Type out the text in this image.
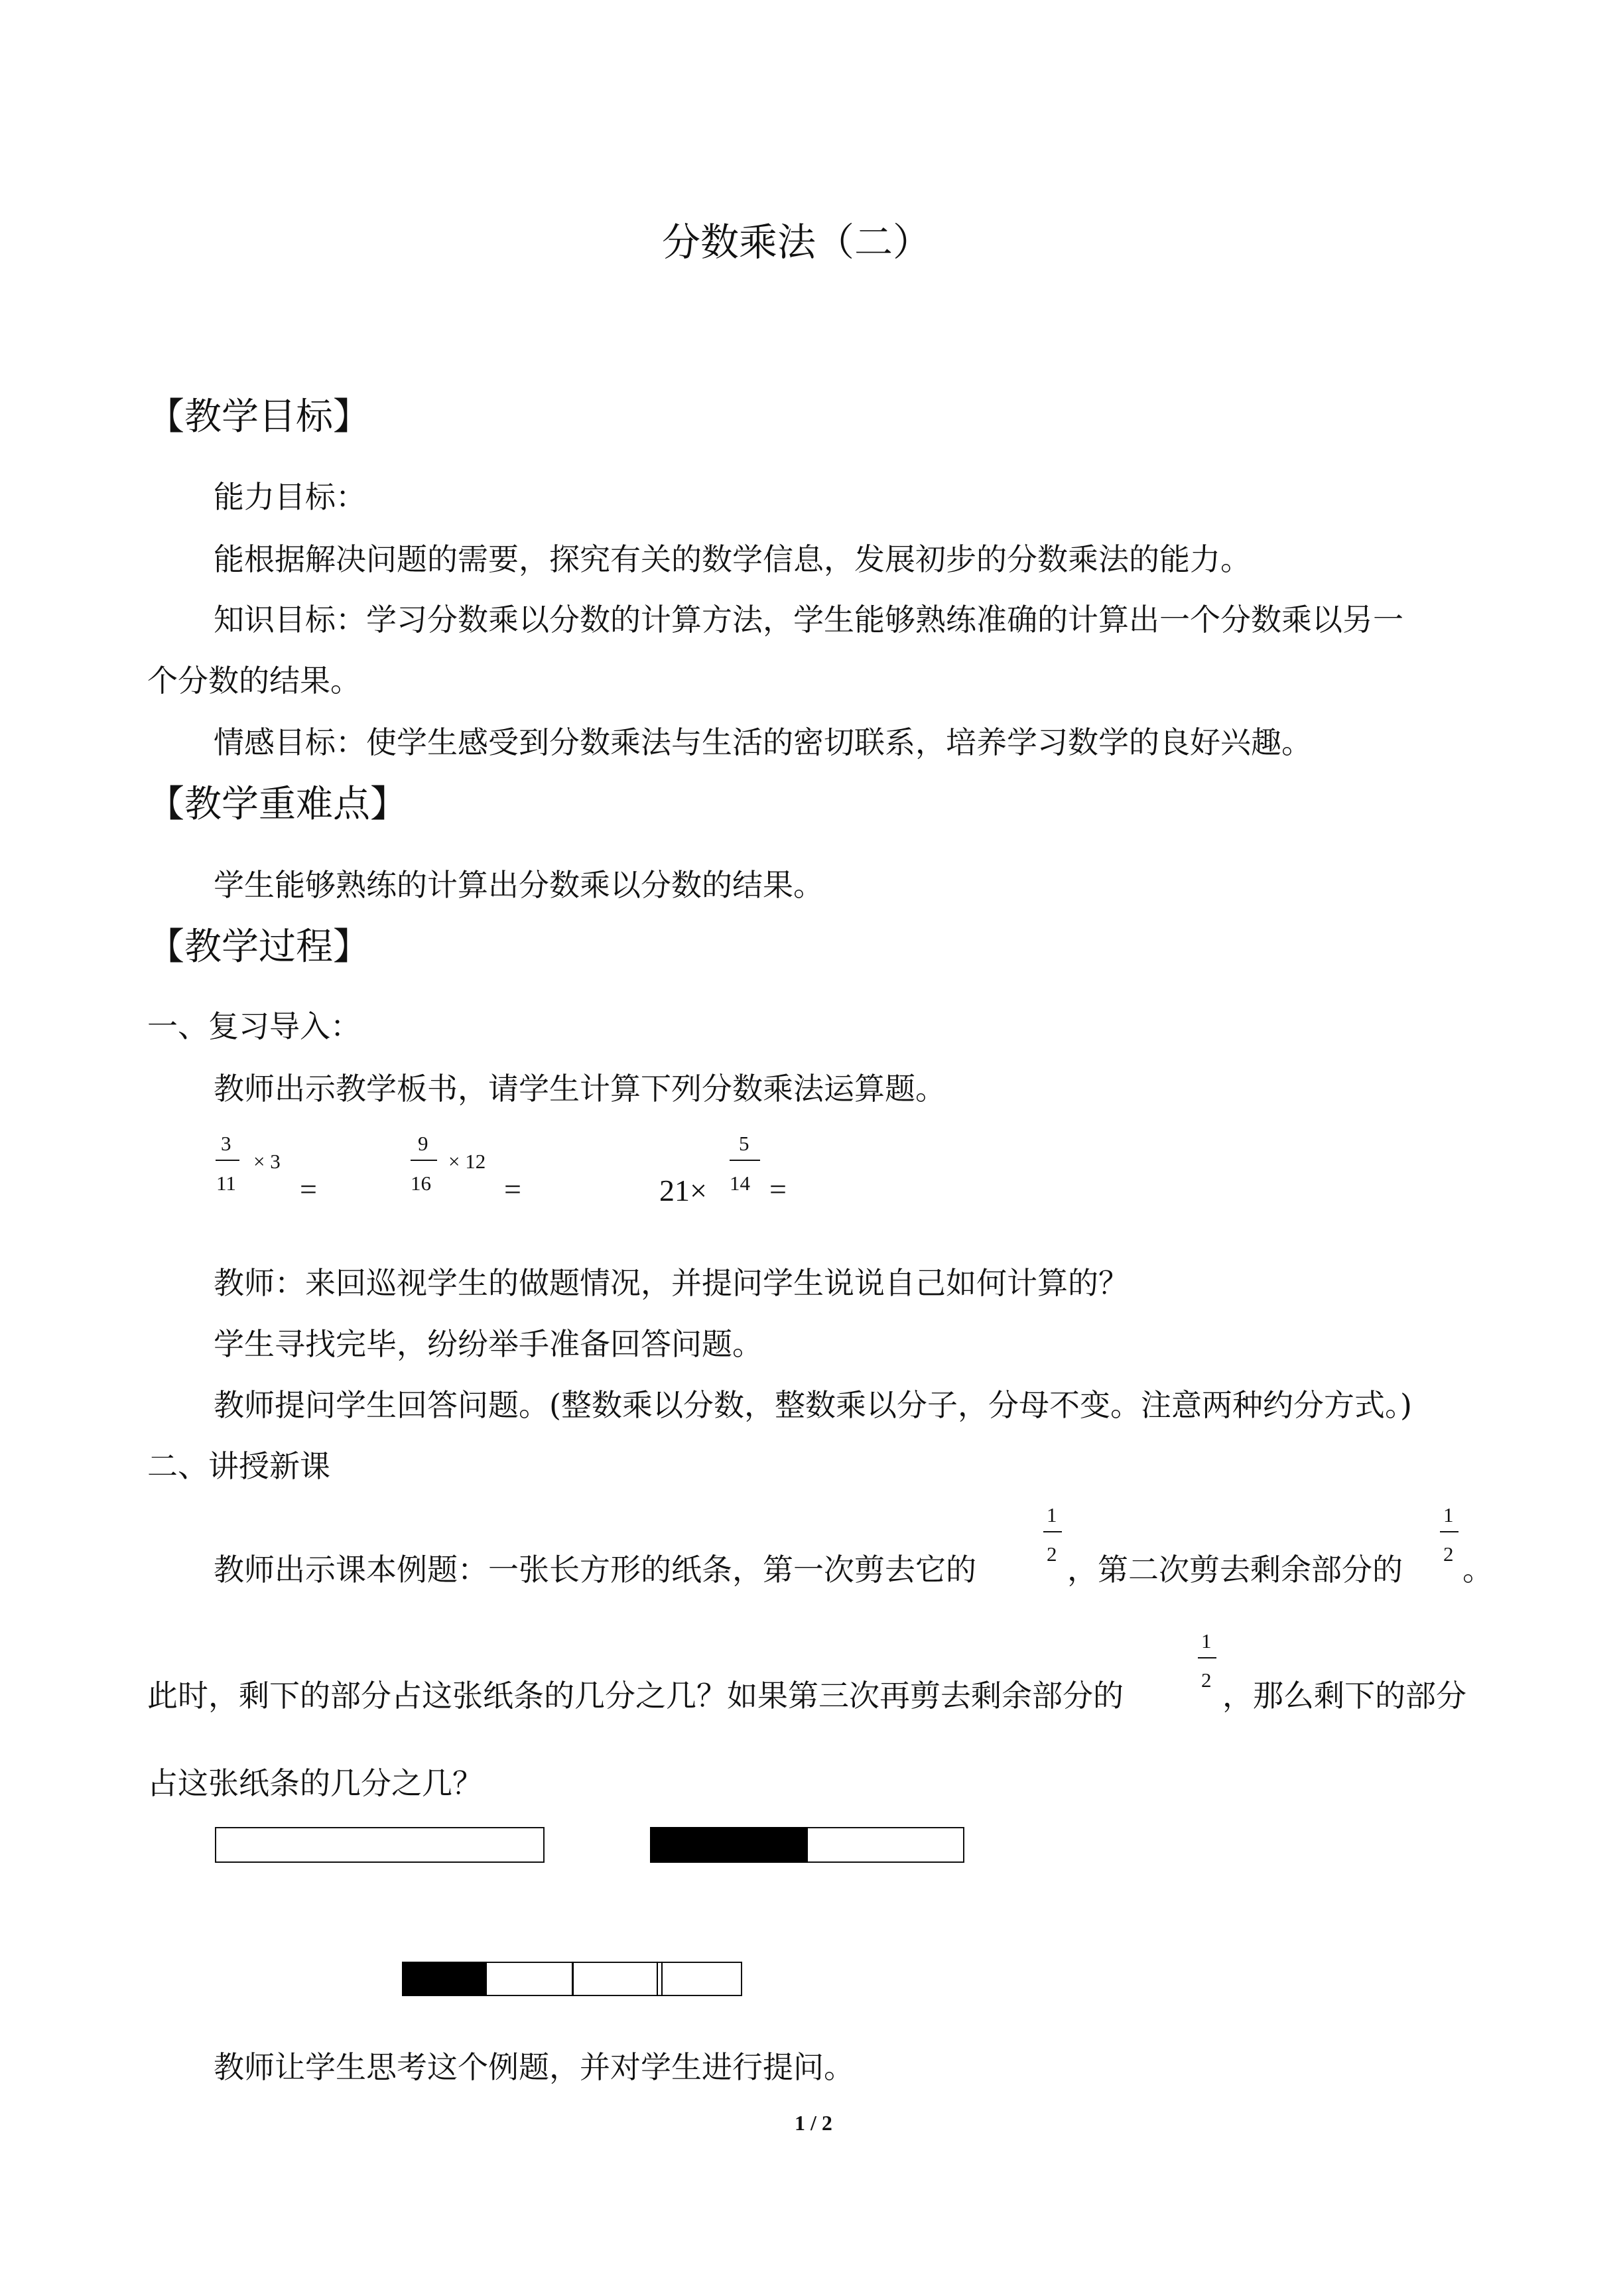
分数乘法（二）
【教学目标】
能力目标：
能根据解决问题的需要，探究有关的数学信息，发展初步的分数乘法的能力。
知识目标：学习分数乘以分数的计算方法，学生能够熟练准确的计算出一个分数乘以另一
个分数的结果。
情感目标：使学生感受到分数乘法与生活的密切联系，培养学习数学的良好兴趣。
【教学重难点】
学生能够熟练的计算出分数乘以分数的结果。
【教学过程】
一、复习导入：
教师出示教学板书，请学生计算下列分数乘法运算题。
3
11
× 3
=
9
16
× 12
=	21×
5
14 =
教师：来回巡视学生的做题情况，并提问学生说说自己如何计算的？
学生寻找完毕，纷纷举手准备回答问题。
教师提问学生回答问题。(整数乘以分数，整数乘以分子，分母不变。注意两种约分方式。)
二、讲授新课
教师出示课本例题：一张长方形的纸条，第一次剪去它的
1
2 ，第二次剪去剩余部分的
1
2 。
此时，剩下的部分占这张纸条的几分之几？如果第三次再剪去剩余部分的
1
2 ，那么剩下的部分
占这张纸条的几分之几？
教师让学生思考这个例题，并对学生进行提问。
1 / 2
